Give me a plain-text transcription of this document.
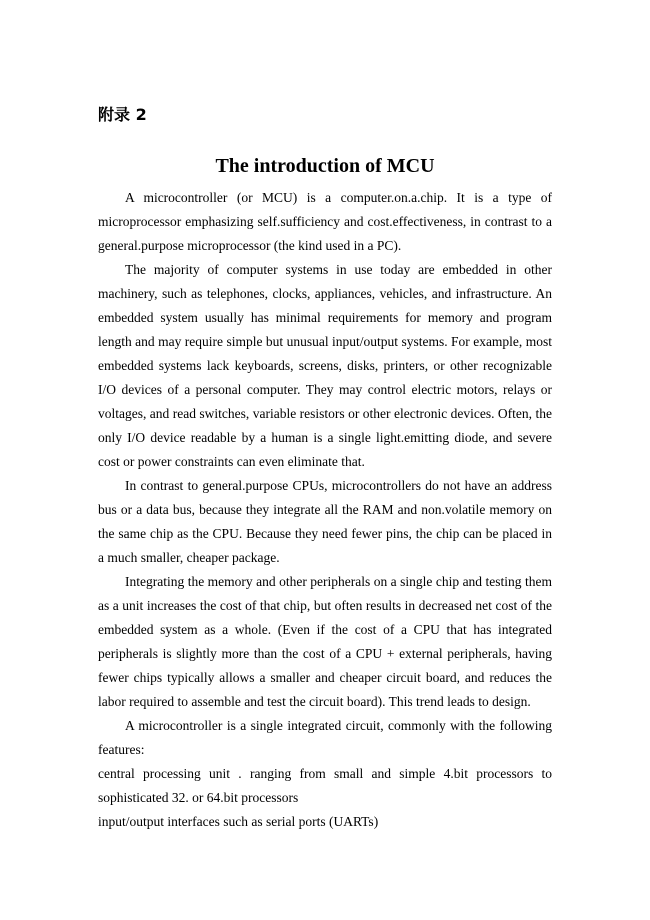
附录 2
The introduction of MCU

A microcontroller (or MCU) is a computer.on.a.chip. It is a type of microprocessor emphasizing self.sufficiency and cost.effectiveness, in contrast to a general.purpose microprocessor (the kind used in a PC).

The majority of computer systems in use today are embedded in other machinery, such as telephones, clocks, appliances, vehicles, and infrastructure. An embedded system usually has minimal requirements for memory and program length and may require simple but unusual input/output systems. For example, most embedded systems lack keyboards, screens, disks, printers, or other recognizable I/O devices of a personal computer. They may control electric motors, relays or voltages, and read switches, variable resistors or other electronic devices. Often, the only I/O device readable by a human is a single light.emitting diode, and severe cost or power constraints can even eliminate that.

In contrast to general.purpose CPUs, microcontrollers do not have an address bus or a data bus, because they integrate all the RAM and non.volatile memory on the same chip as the CPU. Because they need fewer pins, the chip can be placed in a much smaller, cheaper package.

Integrating the memory and other peripherals on a single chip and testing them as a unit increases the cost of that chip, but often results in decreased net cost of the embedded system as a whole. (Even if the cost of a CPU that has integrated peripherals is slightly more than the cost of a CPU + external peripherals, having fewer chips typically allows a smaller and cheaper circuit board, and reduces the labor required to assemble and test the circuit board). This trend leads to design.

A microcontroller is a single integrated circuit, commonly with the following features:

central processing unit . ranging from small and simple 4.bit processors to sophisticated 32. or 64.bit processors

input/output interfaces such as serial ports (UARTs)
